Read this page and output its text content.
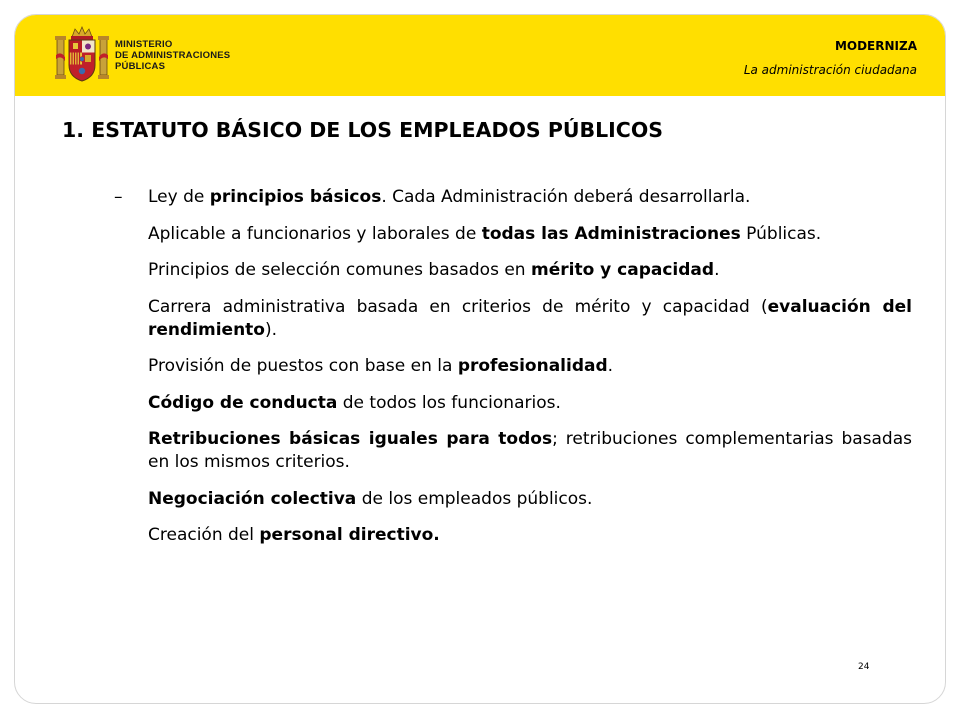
MINISTERIO
DE ADMINISTRACIONES
PÚBLICAS
MODERNIZA
La administración ciudadana
1. ESTATUTO BÁSICO DE LOS EMPLEADOS PÚBLICOS
– Ley de principios básicos. Cada Administración deberá desarrollarla.
Aplicable a funcionarios y laborales de todas las Administraciones Públicas.
Principios de selección comunes basados en mérito y capacidad.
Carrera administrativa basada en criterios de mérito y capacidad (evaluación del rendimiento).
Provisión de puestos con base en la profesionalidad.
Código de conducta de todos los funcionarios.
Retribuciones básicas iguales para todos; retribuciones complementarias basadas en los mismos criterios.
Negociación colectiva de los empleados públicos.
Creación del personal directivo.
24
